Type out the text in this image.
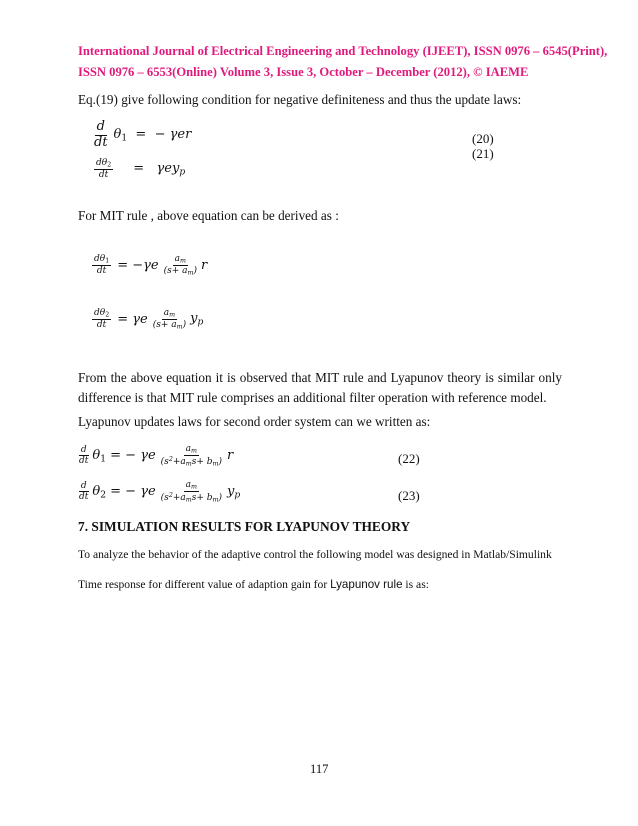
International Journal of Electrical Engineering and Technology (IJEET), ISSN 0976 – 6545(Print),
ISSN 0976 – 6553(Online) Volume 3, Issue 3, October – December (2012), © IAEME
Eq.(19) give following condition for negative definiteness and thus the update laws:
$\frac{d}{dt} \theta_1$  =  − γer	(20)
(21)
$\frac{d\theta_2}{dt} = \gamma ey_p$
For MIT rule , above equation can be derived as :
$\frac{d\theta_1}{dt} = -\gamma e \frac{a_m}{(s+ a_m)}$ r
$\frac{d\theta_2}{dt} = \gamma e \frac{a_m}{(s+ a_m)} y_p$
From the above equation it is observed that MIT rule and Lyapunov theory is similar only difference is that MIT rule comprises an additional filter operation with reference model.
Lyapunov updates laws for second order system can we written as:
$\frac{d}{dt} \theta_1$ = − γe $\frac{a_m}{(s^2+a_ms+ b_m)}$ r	(22)
$\frac{d}{dt} \theta_2$ = − γe $\frac{a_m}{(s^2+a_ms+ b_m)} y_p$	(23)
7. SIMULATION RESULTS FOR LYAPUNOV THEORY
To analyze the behavior of the adaptive control the following model was designed in Matlab/Simulink
Time response for different value of adaption gain for Lyapunov rule is as:
117
